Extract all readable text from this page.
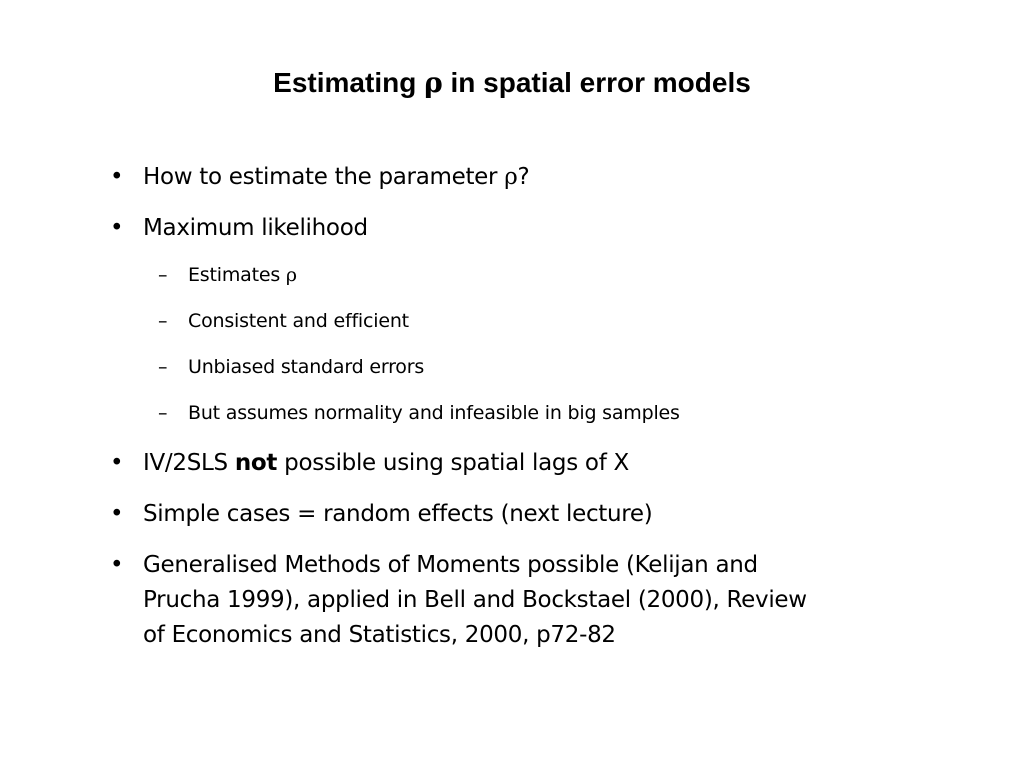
Estimating ρ in spatial error models
• How to estimate the parameter ρ?
• Maximum likelihood
– Estimates ρ
– Consistent and efficient
– Unbiased standard errors
– But assumes normality and infeasible in big samples
• IV/2SLS not possible using spatial lags of X
• Simple cases = random effects (next lecture)
• Generalised Methods of Moments possible (Kelijan and
Prucha 1999), applied in Bell and Bockstael (2000), Review
of Economics and Statistics, 2000, p72-82
